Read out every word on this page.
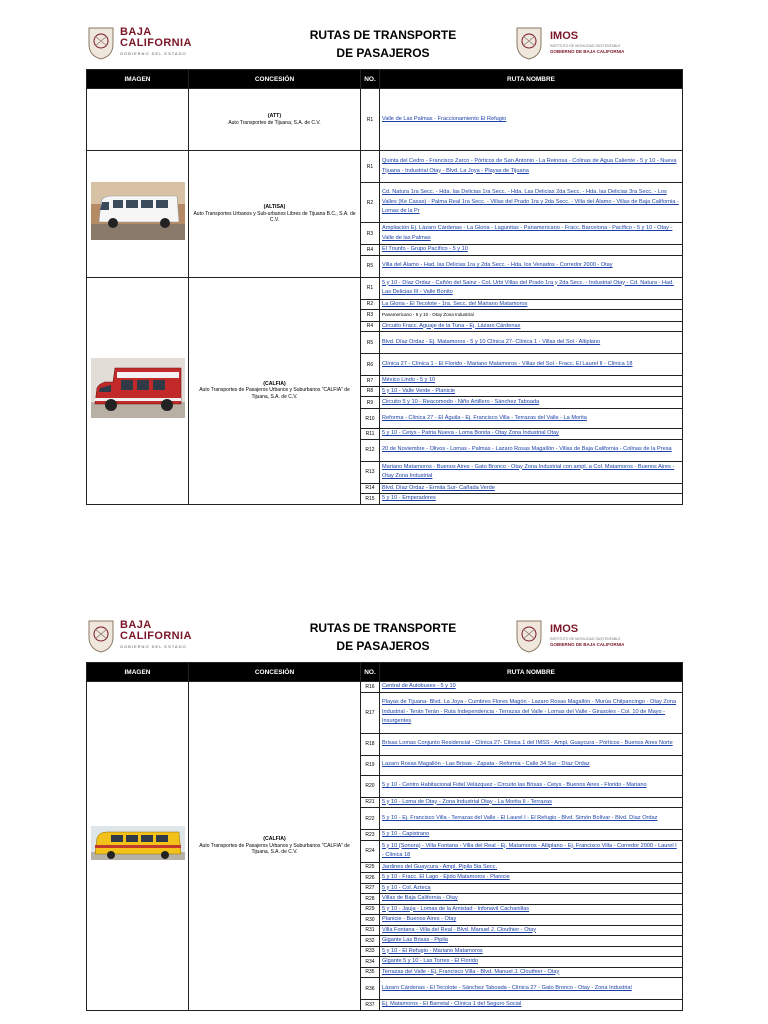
BAJA
CALIFORNIA
GOBIERNO DEL ESTADO
RUTAS DE TRANSPORTE
DE PASAJEROS
IMOS
INSTITUTO DE MOVILIDAD SUSTENTABLE
GOBIERNO DE BAJA CALIFORNIA
IMAGEN	CONCESIÓN	NO.	RUTA NOMBRE

	(ATT)
Auto Transportes de Tijuana, S.A. de C.V.	R1	Valle de Las Palmas - Fraccionamiento El Refugio

(ALTISA)
Auto Transportes Urbanos y Sub-urbanos Libres de Tijuana B.C., S.A. de C.V.	R1	Quinta del Cedro - Francisco Zarco - Pórticos de San Antonio - La Reinosa - Colinas de Agua Caliente - 5 y 10 - Nueva Tijuana - Industrial Otay - Blvd. La Joya - Playas de Tijuana
		R2	Cd. Natura 1ra Secc. - Hda. las Delicias 1ra Secc. - Hda. Las Delicias 2da Secc. - Hda. las Delicias 3ra Secc. - Los Valles (Ke Casas) - Palma Real 1ra Secc. - Villas del Prado 1ra y 2da Secc. - Villa del Álamo - Villas de Baja California - Lomas de la Pr
		R3	Ampliación Ej. Lázaro Cárdenas - La Gloria - Lagunitas - Panamericano - Fracc. Barcelona - Pacífico - 5 y 10 - Otay - Valle de las Palmas
		R4	El Triunfo - Grupo Pacífico - 5 y 10
		R5	Villa del Álamo - Had. las Delicias 1ra y 2da Secc. - Hda. los Venados - Corredor 2000 - Otay

(CALFIA)
Auto Transportes de Pasajeros Urbanos y Suburbanos "CALFIA" de Tijuana, S.A. de C.V.	R1	5 y 10 - Díaz Ordaz - Cañón del Sainz - Col. Urbi Villas del Prado 1ra y 2da Secc. - Industrial Otay - Cd. Natura - Had. Las Delicias III - Valle Bonito
		R2	La Gloria - El Tecolote - 1ra. Secc. del Mariano Matamoros
		R3	Panamericano - 5 y 10 - Otay Zona Industrial
		R4	Circuito Fracc. Aguaje de la Tuna - Ej. Lázaro Cárdenas
		R5	Blvd. Díaz Ordaz - Ej. Matamoros - 5 y 10 Clínica 27- Clínica 1 - Villas del Sol - Altiplano
		R6	Clínica 27 - Clínica 1 - El Florido - Mariano Matamoros - Villas del Sol - Fracc. El Laurel II - Clínica 18
		R7	México Lindo - 5 y 10
		R8	5 y 10 - Valle Verde - Planicie
		R9	Circuito 5 y 10 - Reacomodo - Niño Artillero - Sánchez Taboada
		R10	Reforma - Clínica 27 - El Águila - Ej. Francisco Villa - Terrazas del Valle - La Morita
		R11	5 y 10 - Cetys - Patria Nueva - Loma Bonita - Otay Zona Industrial Otay
		R12	20 de Noviembre - Olivos - Lomas - Palmas - Lazaro Rosas Magallón - Villas de Baja California - Colinas de la Presa
		R13	Mariano Matamoros - Buenos Aires - Gato Bronco - Otay Zona Industrial con ampl. a Col. Matamoros - Buenos Aires - Otay Zona Industrial
		R14	Blvd. Díaz Ordaz - Ermita Sur- Cañada Verde
		R15	5 y 10 - Emperadores
BAJA
CALIFORNIA
GOBIERNO DEL ESTADO
RUTAS DE TRANSPORTE
DE PASAJEROS
IMOS
INSTITUTO DE MOVILIDAD SUSTENTABLE
GOBIERNO DE BAJA CALIFORNIA
IMAGEN	CONCESIÓN	NO.	RUTA NOMBRE

(CALFIA)
Auto Transportes de Pasajeros Urbanos y Suburbanos "CALFIA" de Tijuana, S.A. de C.V.	R16	Central de Autobuses - 5 y 10
		R17	Playas de Tijuana- Blvd. La Joya - Cumbres Flores Magón - Lazaro Rosas Magallón - Murúa Chilpancingo - Otay Zona Industrial - Terán Terán - Ruta Independencia - Terrazas del Valle - Lomas del Valle - Girasoles - Col. 10 de Mayo - Insurgentes
		R18	Brisas Lomas Conjunto Residencial - Clínica 27- Clínica 1 del IMSS - Ampl. Guaycura - Pórticos - Buenos Aires Norte
		R19	Lazaro Rosas Magallón - Las Brisas - Zapata - Reforma - Calle 34 Sur - Díaz Ordaz
		R20	5 y 10 - Centro Habitacional Fidel Velázquez - Circuito las Brisas - Cetys - Buenos Aires - Florido - Mariano
		R21	5 y 10 - Loma de Otay - Zona Industrial Otay - La Morita II - Terrazas
		R22	5 y 10 - Ej. Francisco Villa - Terrazas del Valle - El Laurel I - El Refugio - Blvd. Simón Bolívar - Blvd. Díaz Ordaz
		R23	5 y 10 - Capistrano
		R24	5 y 10 (Sonora) - Villa Fontana - Villa del Real - Ej. Matamoros - Altiplano - Ej. Francisco Villa - Corredor 2000 - Laurel I - Clínica 18
		R25	Jardines del Guaycura - Ampl. Pipila 5ta Secc.
		R26	5 y 10 - Fracc. El Lago - Ejido Matamoros - Planicie
		R27	5 y 10 - Col. Azteca
		R28	Villas de Baja California - Otay
		R29	5 y 10 - Jauja - Lomas de la Amistad - Infonavit Cachanillas
		R30	Planicie - Buenos Aires - Otay
		R31	Villa Fontana - Villa del Real - Blvd. Manuel J. Clouthier - Otay
		R32	Gigante Las Brisas - Pipila
		R33	5 y 10 - El Refugio - Mariano Matamoros
		R34	Gigante 5 y 10 - Las Torres - El Florido
		R35	Terrazas del Valle - Ej. Francisco Villa - Blvd. Manuel J. Clouthier - Otay
		R36	Lázaro Cárdenas - El Tecolote - Sánchez Taboada - Clínica 27 - Gato Bronco - Otay - Zona Industrial
		R37	Ej. Matamoros - El Barretal - Clínica 1 del Seguro Social
